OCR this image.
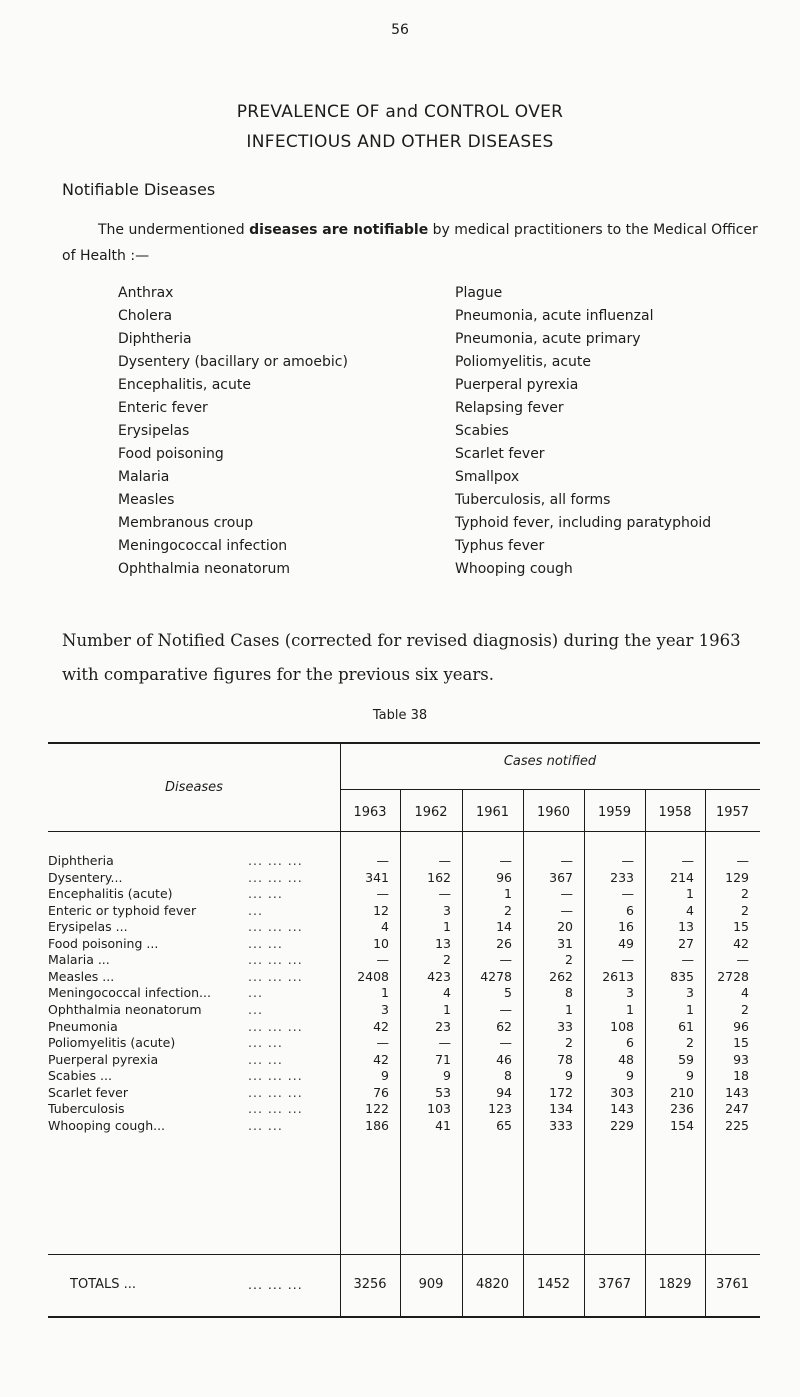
56
PREVALENCE OF and CONTROL OVER
INFECTIOUS AND OTHER DISEASES
Notifiable Diseases
The undermentioned diseases are notifiable by medical practitioners to the Medical Officer of Health :—
Anthrax
Cholera
Diphtheria
Dysentery (bacillary or amoebic)
Encephalitis, acute
Enteric fever
Erysipelas
Food poisoning
Malaria
Measles
Membranous croup
Meningococcal infection
Ophthalmia neonatorum
Plague
Pneumonia, acute influenzal
Pneumonia, acute primary
Poliomyelitis, acute
Puerperal pyrexia
Relapsing fever
Scabies
Scarlet fever
Smallpox
Tuberculosis, all forms
Typhoid fever, including paratyphoid
Typhus fever
Whooping cough
Number of Notified Cases (corrected for revised diagnosis) during the year 1963 with comparative figures for the previous six years.
Table 38
Diseases
Cases notified
TOTALS ...	... ... ...	3256	909	4820	1452	3767	1829	3761
1963	1962	1961	1960	1959	1958	1957
Diphtheria	... ... ...	—	—	—	—	—	—	—
Dysentery...	... ... ...	341	162	96	367	233	214	129
Encephalitis (acute)	... ...	—	—	1	—	—	1	2
Enteric or typhoid fever	...	12	3	2	—	6	4	2
Erysipelas ...	... ... ...	4	1	14	20	16	13	15
Food poisoning ...	... ...	10	13	26	31	49	27	42
Malaria ...	... ... ...	—	2	—	2	—	—	—
Measles ...	... ... ...	2408	423	4278	262	2613	835	2728
Meningococcal infection...	...	1	4	5	8	3	3	4
Ophthalmia neonatorum	...	3	1	—	1	1	1	2
Pneumonia	... ... ...	42	23	62	33	108	61	96
Poliomyelitis (acute)	... ...	—	—	—	2	6	2	15
Puerperal pyrexia	... ...	42	71	46	78	48	59	93
Scabies ...	... ... ...	9	9	8	9	9	9	18
Scarlet fever	... ... ...	76	53	94	172	303	210	143
Tuberculosis	... ... ...	122	103	123	134	143	236	247
Whooping cough...	... ...	186	41	65	333	229	154	225
